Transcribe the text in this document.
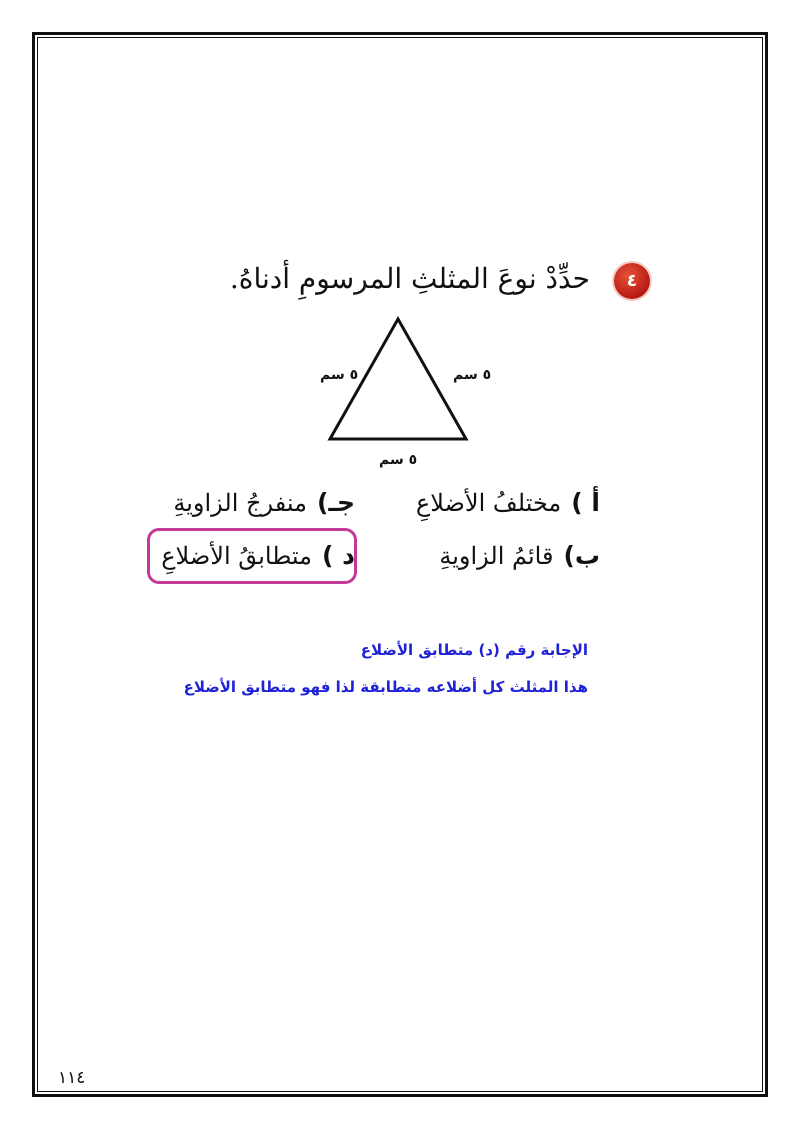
٤
حدِّدْ نوعَ المثلثِ المرسومِ أدناهُ.
٥ سم	٥ سم
٥ سم
أ )مختلفُ الأضلاعِ
جـ)منفرجُ الزاويةِ
ب)قائمُ الزاويةِ
د )متطابقُ الأضلاعِ
الإجابة رقم (د) متطابق الأضلاع
هذا المثلث كل أضلاعه متطابقة لذا فهو متطابق الأضلاع
١١٤
